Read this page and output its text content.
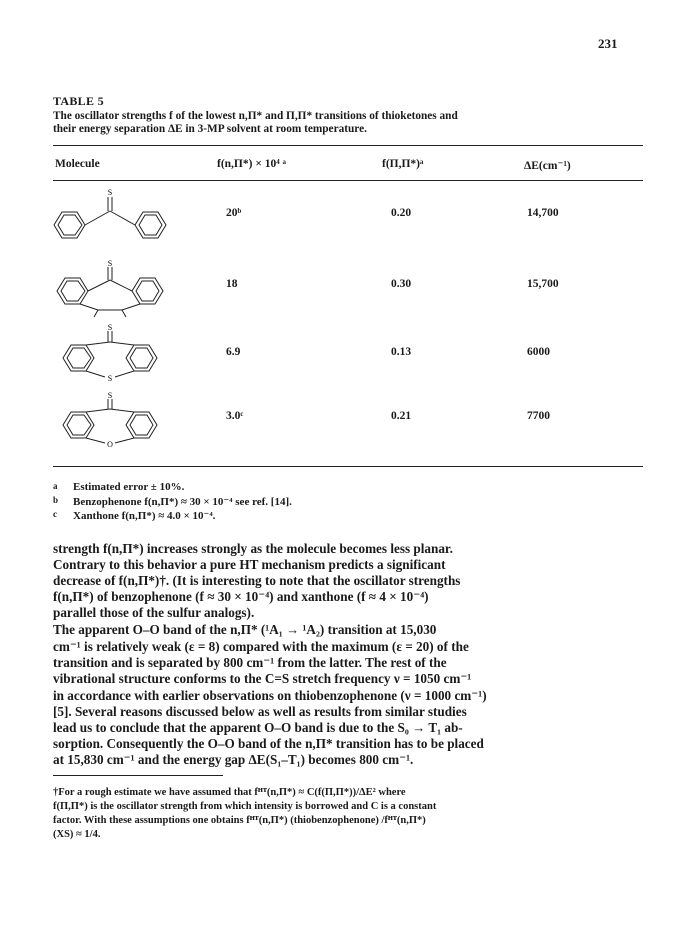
231
TABLE 5
The oscillator strengths f of the lowest n,Π* and Π,Π* transitions of thioketones and
their energy separation ΔE in 3-MP solvent at room temperature.
Molecule	f(n,Π*) × 10⁴ ᵃ	f(Π,Π*)ᵃ	ΔE(cm⁻¹)
S
20ᵇ	0.20	14,700
S
18	0.30	15,700
S
S
6.9	0.13	6000
S
O
3.0ᶜ	0.21	7700
a Estimated error ± 10%.
b Benzophenone f(n,Π*) ≈ 30 × 10⁻⁴ see ref. [14].
c Xanthone f(n,Π*) ≈ 4.0 × 10⁻⁴.
strength f(n,Π*) increases strongly as the molecule becomes less planar.
Contrary to this behavior a pure HT mechanism predicts a significant
decrease of f(n,Π*)†. (It is interesting to note that the oscillator strengths
f(n,Π*) of benzophenone (f ≈ 30 × 10⁻⁴) and xanthone (f ≈ 4 × 10⁻⁴)
parallel those of the sulfur analogs).
The apparent O–O band of the n,Π* (¹A₁ → ¹A₂) transition at 15,030
cm⁻¹ is relatively weak (ε = 8) compared with the maximum (ε = 20) of the
transition and is separated by 800 cm⁻¹ from the latter. The rest of the
vibrational structure conforms to the C=S stretch frequency ν = 1050 cm⁻¹
in accordance with earlier observations on thiobenzophenone (ν = 1000 cm⁻¹)
[5]. Several reasons discussed below as well as results from similar studies
lead us to conclude that the apparent O–O band is due to the S₀ → T₁ ab-
sorption. Consequently the O–O band of the n,Π* transition has to be placed
at 15,830 cm⁻¹ and the energy gap ΔE(S₁–T₁) becomes 800 cm⁻¹.
†For a rough estimate we have assumed that fᴴᵀ(n,Π*) ≈ C(f(Π,Π*))/ΔE² where
f(Π,Π*) is the oscillator strength from which intensity is borrowed and C is a constant
factor. With these assumptions one obtains fᴴᵀ(n,Π*) (thiobenzophenone) /fᴴᵀ(n,Π*)
(XS) ≈ 1/4.
